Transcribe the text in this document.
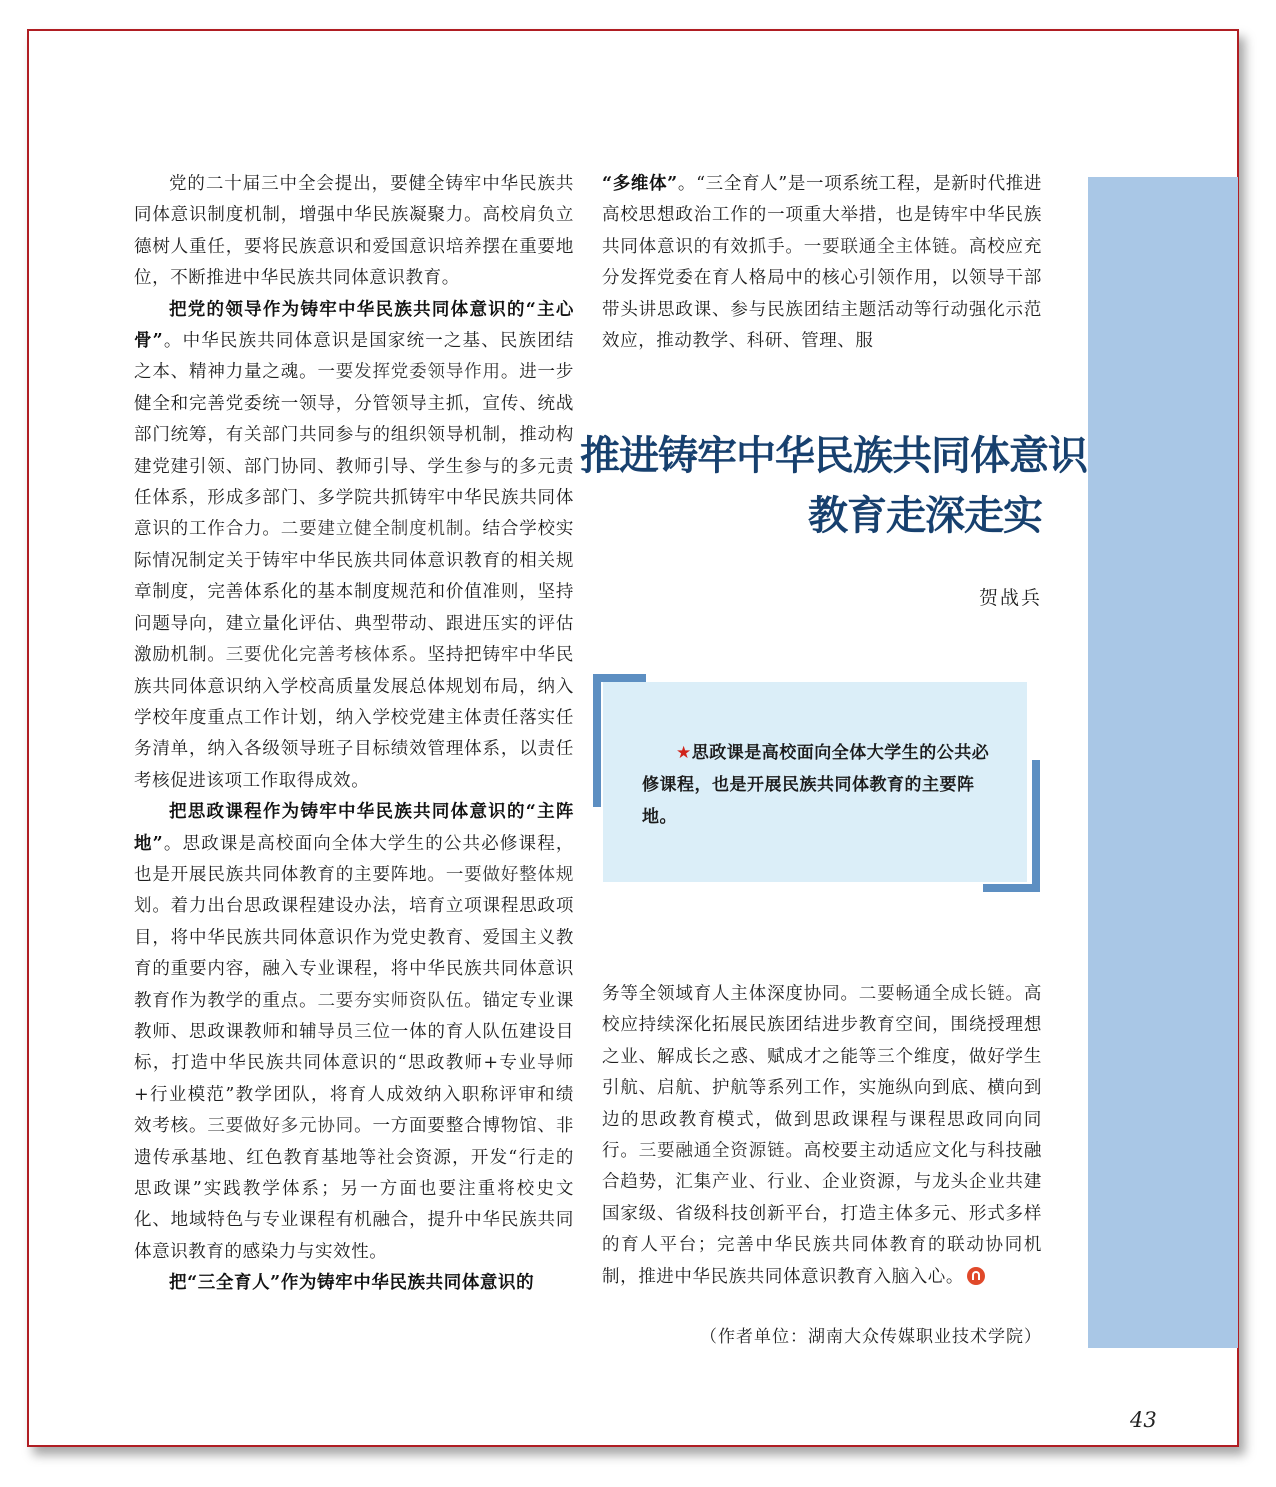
党的二十届三中全会提出，要健全铸牢中华民族共同体意识制度机制，增强中华民族凝聚力。高校肩负立德树人重任，要将民族意识和爱国意识培养摆在重要地位，不断推进中华民族共同体意识教育。

把党的领导作为铸牢中华民族共同体意识的“主心骨”。中华民族共同体意识是国家统一之基、民族团结之本、精神力量之魂。一要发挥党委领导作用。进一步健全和完善党委统一领导，分管领导主抓，宣传、统战部门统筹，有关部门共同参与的组织领导机制，推动构建党建引领、部门协同、教师引导、学生参与的多元责任体系，形成多部门、多学院共抓铸牢中华民族共同体意识的工作合力。二要建立健全制度机制。结合学校实际情况制定关于铸牢中华民族共同体意识教育的相关规章制度，完善体系化的基本制度规范和价值准则，坚持问题导向，建立量化评估、典型带动、跟进压实的评估激励机制。三要优化完善考核体系。坚持把铸牢中华民族共同体意识纳入学校高质量发展总体规划布局，纳入学校年度重点工作计划，纳入学校党建主体责任落实任务清单，纳入各级领导班子目标绩效管理体系，以责任考核促进该项工作取得成效。

把思政课程作为铸牢中华民族共同体意识的“主阵地”。思政课是高校面向全体大学生的公共必修课程，也是开展民族共同体教育的主要阵地。一要做好整体规划。着力出台思政课程建设办法，培育立项课程思政项目，将中华民族共同体意识作为党史教育、爱国主义教育的重要内容，融入专业课程，将中华民族共同体意识教育作为教学的重点。二要夯实师资队伍。锚定专业课教师、思政课教师和辅导员三位一体的育人队伍建设目标，打造中华民族共同体意识的“思政教师+专业导师+行业模范”教学团队，将育人成效纳入职称评审和绩效考核。三要做好多元协同。一方面要整合博物馆、非遗传承基地、红色教育基地等社会资源，开发“行走的思政课”实践教学体系；另一方面也要注重将校史文化、地域特色与专业课程有机融合，提升中华民族共同体意识教育的感染力与实效性。

把“三全育人”作为铸牢中华民族共同体意识的

“多维体”。“三全育人”是一项系统工程，是新时代推进高校思想政治工作的一项重大举措，也是铸牢中华民族共同体意识的有效抓手。一要联通全主体链。高校应充分发挥党委在育人格局中的核心引领作用，以领导干部带头讲思政课、参与民族团结主题活动等行动强化示范效应，推动教学、科研、管理、服

推进铸牢中华民族共同体意识
教育走深走实
贺战兵
★思政课是高校面向全体大学生的公共必修课程，也是开展民族共同体教育的主要阵地。

务等全领域育人主体深度协同。二要畅通全成长链。高校应持续深化拓展民族团结进步教育空间，围绕授理想之业、解成长之惑、赋成才之能等三个维度，做好学生引航、启航、护航等系列工作，实施纵向到底、横向到边的思政教育模式，做到思政课程与课程思政同向同行。三要融通全资源链。高校要主动适应文化与科技融合趋势，汇集产业、行业、企业资源，与龙头企业共建国家级、省级科技创新平台，打造主体多元、形式多样的育人平台；完善中华民族共同体教育的联动协同机制，推进中华民族共同体意识教育入脑入心。

（作者单位：湖南大众传媒职业技术学院）
43
